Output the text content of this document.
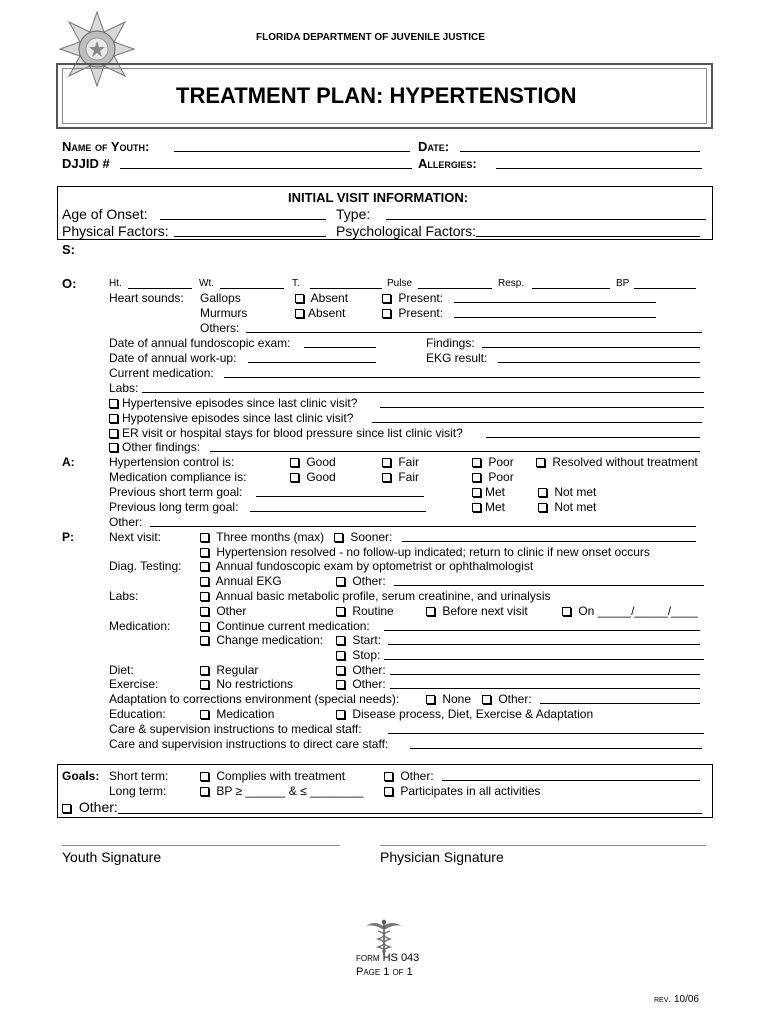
FLORIDA DEPARTMENT OF JUVENILE JUSTICE
TREATMENT PLAN: HYPERTENSTION
Name of Youth:	Date:
DJJID #	Allergies:
INITIAL VISIT INFORMATION:
Age of Onset:	Type:
Physical Factors:	Psychological Factors:
S:
O:	Ht.	Wt.	T.	Pulse	Resp.	BP
Heart sounds: Gallops	Absent	Present:
Murmurs	Absent	Present:
Others:
Date of annual fundoscopic exam:	Findings:
Date of annual work-up:	EKG result:
Current medication:
Labs:
Hypertensive episodes since last clinic visit?
Hypotensive episodes since last clinic visit?
ER visit or hospital stays for blood pressure since list clinic visit?
Other findings:
A:	Hypertension control is:	Good	Fair	Poor	Resolved without treatment
Medication compliance is:	Good	Fair	Poor
Previous short term goal:	Met	Not met
Previous long term goal:	Met	Not met
Other:
P:	Next visit:	Three months (max)	Sooner:
Hypertension resolved - no follow-up indicated; return to clinic if new onset occurs
Diag. Testing:	Annual fundoscopic exam by optometrist or ophthalmologist
Annual EKG	Other:
Labs:	Annual basic metabolic profile, serum creatinine, and urinalysis
Other	Routine	Before next visit	On _____/_____/____
Medication:	Continue current medication:
Change medication:	Start:
Stop:
Diet:	Regular	Other:
Exercise:	No restrictions	Other:
Adaptation to corrections environment (special needs):	None	Other:
Education:	Medication	Disease process, Diet, Exercise & Adaptation
Care & supervision instructions to medical staff:
Care and supervision instructions to direct care staff:
Goals: Short term:	Complies with treatment	Other:
Long term:	BP ≥ ______ & ≤ ________	Participates in all activities
Other:
Youth Signature	Physician Signature
form HS 043
Page 1 of 1
rev. 10/06
